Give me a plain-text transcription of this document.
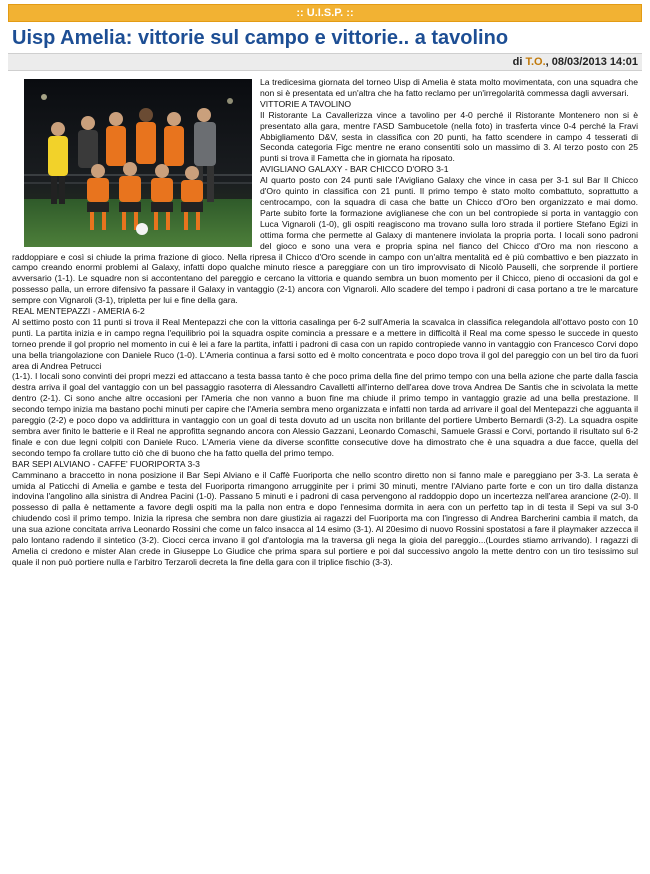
:: U.I.S.P. ::
Uisp Amelia: vittorie sul campo e vittorie.. a tavolino
di T.O., 08/03/2013 14:01

La tredicesima giornata del torneo Uisp di Amelia è stata molto movimentata, con una squadra che non si è presentata ed un'altra che ha fatto reclamo per un'irregolarità commessa dagli avversari.

VITTORIE A TAVOLINO

Il Ristorante La Cavallerizza vince a tavolino per 4-0 perché il Ristorante Montenero non si è presentato alla gara, mentre l'ASD Sambucetole (nella foto) in trasferta vince 0-4 perché la Fravi Abbigliamento D&V, sesta in classifica con 20 punti, ha fatto scendere in campo 4 tesserati di Seconda categoria Figc mentre ne erano consentiti solo un massimo di 3. Al terzo posto con 25 punti si trova il Fametta che in giornata ha riposato.

AVIGLIANO GALAXY - BAR CHICCO D'ORO 3-1

Al quarto posto con 24 punti sale l'Avigliano Galaxy che vince in casa per 3-1 sul Bar Il Chicco d'Oro quinto in classifica con 21 punti. Il primo tempo è stato molto combattuto, soprattutto a centrocampo, con la squadra di casa che batte un Chicco d'Oro ben organizzato e mai domo. Parte subito forte la formazione aviglianese che con un bel contropiede si porta in vantaggio con Luca Vignaroli (1-0), gli ospiti reagiscono ma trovano sulla loro strada il portiere Stefano Egizi in ottima forma che permette al Galaxy di mantenere inviolata la propria porta. I locali sono padroni del gioco e sono una vera e propria spina nel fianco del Chicco d'Oro ma non riescono a raddoppiare e così si chiude la prima frazione di gioco. Nella ripresa il Chicco d'Oro scende in campo con un'altra mentalità ed è più combattivo e ben piazzato in campo creando enormi problemi al Galaxy, infatti dopo qualche minuto riesce a pareggiare con un tiro improvvisato di Nicolò Pauselli, che sorprende il portiere avversario (1-1). Le squadre non si accontentano del pareggio e cercano la vittoria e quando sembra un buon momento per il Chicco, pieno di occasioni da gol e possesso palla, un errore difensivo fa passare il Galaxy in vantaggio (2-1) ancora con Vignaroli. Allo scadere del tempo i padroni di casa portano a tre le marcature sempre con Vignaroli (3-1), tripletta per lui e fine della gara.

REAL MENTEPAZZI - AMERIA 6-2

Al settimo posto con 11 punti si trova il Real Mentepazzi che con la vittoria casalinga per 6-2 sull'Ameria la scavalca in classifica relegandola all'ottavo posto con 10 punti. La partita inizia e in campo regna l'equilibrio poi la squadra ospite comincia a pressare e a mettere in difficoltà il Real ma come spesso le succede in questo torneo prende il gol proprio nel momento in cui è lei a fare la partita, infatti i padroni di casa con un rapido contropiede vanno in vantaggio con Francesco Corvi dopo una bella triangolazione con Daniele Ruco (1-0). L'Ameria continua a farsi sotto ed è molto concentrata e poco dopo trova il gol del pareggio con un bel tiro da fuori area di Andrea Petrucci

(1-1). I locali sono convinti dei propri mezzi ed attaccano a testa bassa tanto è che poco prima della fine del primo tempo con una bella azione che parte dalla fascia destra arriva il goal del vantaggio con un bel passaggio rasoterra di Alessandro Cavalletti all'interno dell'area dove trova Andrea De Santis che in scivolata la mette dentro (2-1). Ci sono anche altre occasioni per l'Ameria che non vanno a buon fine ma chiude il primo tempo in vantaggio grazie ad una bella prestazione. Il secondo tempo inizia ma bastano pochi minuti per capire che l'Ameria sembra meno organizzata e infatti non tarda ad arrivare il goal del Mentepazzi che agguanta il pareggio (2-2) e poco dopo va addirittura in vantaggio con un goal di testa dovuto ad un uscita non brillante del portiere Umberto Bernardi (3-2). La squadra ospite sembra aver finito le batterie e il Real ne approfitta segnando ancora con Alessio Gazzani, Leonardo Comaschi, Samuele Grassi e Corvi, portando il risultato sul 6-2 finale e con due legni colpiti con Daniele Ruco. L'Ameria viene da diverse sconfitte consecutive dove ha dimostrato che è una squadra a due facce, quella del secondo tempo fa crollare tutto ciò che di buono che ha fatto quella del primo tempo.

BAR SEPI ALVIANO - CAFFE' FUORIPORTA 3-3

Camminano a braccetto in nona posizione il Bar Sepi Alviano e il Caffè Fuoriporta che nello scontro diretto non si fanno male e pareggiano per 3-3. La serata è umida al Paticchi di Amelia e gambe e testa del Fuoriporta rimangono arrugginite per i primi 30 minuti, mentre l'Alviano parte forte e con un tiro dalla distanza indovina l'angolino alla sinistra di Andrea Pacini (1-0). Passano 5 minuti e i padroni di casa pervengono al raddoppio dopo un incertezza nell'area arancione (2-0). Il possesso di palla è nettamente a favore degli ospiti ma la palla non entra e dopo l'ennesima dormita in aera con un perfetto tap in di testa il Sepi va sul 3-0 chiudendo così il primo tempo. Inizia la ripresa che sembra non dare giustizia ai ragazzi del Fuoriporta ma con l'ingresso di Andrea Barcherini cambia il match, da una sua azione concitata arriva Leonardo Rossini che come un falco insacca al 14 esimo (3-1). Al 20esimo di nuovo Rossini spostatosi a fare il playmaker azzecca il palo lontano radendo il sintetico (3-2). Ciocci cerca invano il gol d'antologia ma la traversa gli nega la gioia del pareggio...(Lourdes stiamo arrivando). I ragazzi di Amelia ci credono e mister Alan crede in Giuseppe Lo Giudice che prima spara sul portiere e poi dal successivo angolo la mette dentro con un tiro tesissimo sul quale il non può portiere nulla e l'arbitro Terzaroli decreta la fine della gara con il triplice fischio (3-3).
